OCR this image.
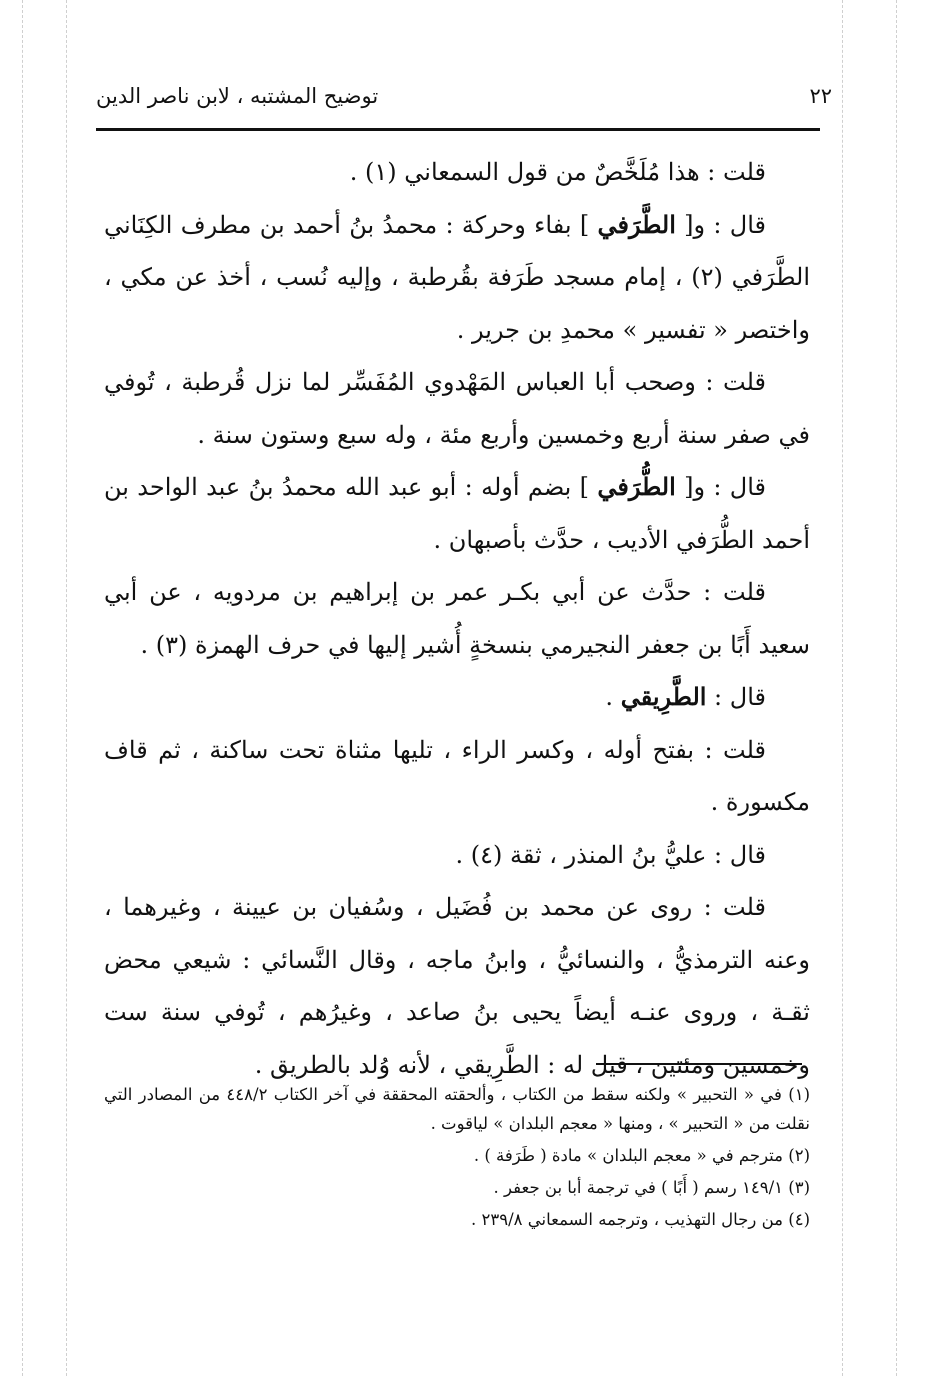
٢٢
توضيح المشتبه ، لابن ناصر الدين

قلت : هذا مُلَخَّصٌ من قول السمعاني (١) .

قال : و[ الطَّرَفي ] بفاء وحركة : محمدُ بنُ أحمد بن مطرف الكِنَاني الطَّرَفي (٢) ، إمام مسجد طَرَفة بقُرطبة ، وإليه نُسب ، أخذ عن مكي ، واختصر « تفسير » محمدِ بن جرير .

قلت : وصحب أبا العباس المَهْدوي المُفَسِّر لما نزل قُرطبة ، تُوفي في صفر سنة أربع وخمسين وأربع مئة ، وله سبع وستون سنة .

قال : و[ الطُّرَفي ] بضم أوله : أبو عبد الله محمدُ بنُ عبد الواحد بن أحمد الطُّرَفي الأديب ، حدَّث بأصبهان .

قلت : حدَّث عن أبي بكـر عمر بن إبراهيم بن مردويه ، عن أبي سعيد أَبًا بن جعفر النجيرمي بنسخةٍ أُشير إليها في حرف الهمزة (٣) .

قال : الطَّرِيقي .

قلت : بفتح أوله ، وكسر الراء ، تليها مثناة تحت ساكنة ، ثم قاف مكسورة .

قال : عليُّ بنُ المنذر ، ثقة (٤) .

قلت : روى عن محمد بن فُضَيل ، وسُفيان بن عيينة ، وغيرهما ، وعنه الترمذيُّ ، والنسائيُّ ، وابنُ ماجه ، وقال النَّسائي : شيعي محض ثقـة ، وروى عنـه أيضاً يحيى بنُ صاعد ، وغيرُهم ، تُوفي سنة ست وخمسين ومئتين ، قيل له : الطَّرِيقي ، لأنه وُلد بالطريق .

(١) في « التحبير » ولكنه سقط من الكتاب ، وألحقته المحققة في آخر الكتاب ٤٤٨/٢ من المصادر التي نقلت من « التحبير » ، ومنها « معجم البلدان » لياقوت .

(٢) مترجم في « معجم البلدان » مادة ( طَرَفة ) .

(٣) ١٤٩/١ رسم ( أَبًا ) في ترجمة أبا بن جعفر .

(٤) من رجال التهذيب ، وترجمه السمعاني ٢٣٩/٨ .
